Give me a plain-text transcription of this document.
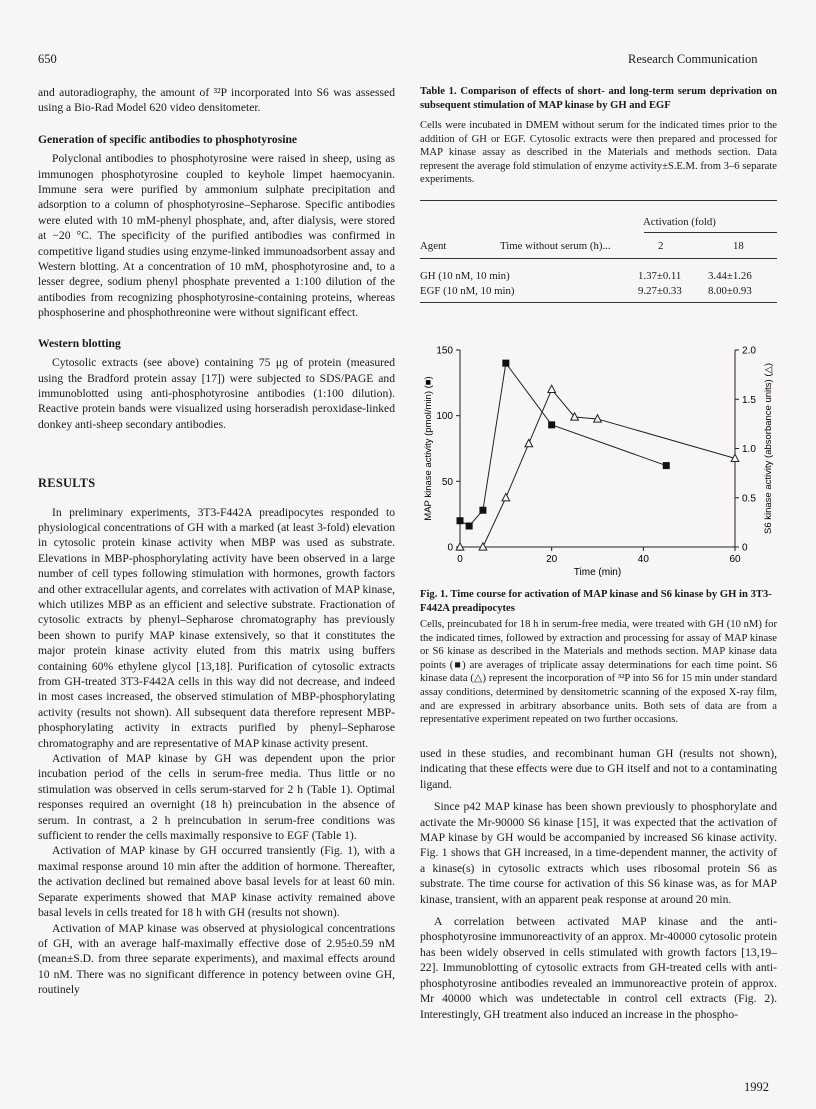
650	Research Communication

and autoradiography, the amount of ³²P incorporated into S6 was assessed using a Bio-Rad Model 620 video densitometer.

Generation of specific antibodies to phosphotyrosine

Polyclonal antibodies to phosphotyrosine were raised in sheep, using as immunogen phosphotyrosine coupled to keyhole limpet haemocyanin. Immune sera were purified by ammonium sulphate precipitation and adsorption to a column of phosphotyrosine–Sepharose. Specific antibodies were eluted with 10 mM-phenyl phosphate, and, after dialysis, were stored at −20 °C. The specificity of the purified antibodies was confirmed in competitive ligand studies using enzyme-linked immunoadsorbent assay and Western blotting. At a concentration of 10 mM, phosphotyrosine and, to a lesser degree, sodium phenyl phosphate prevented a 1:100 dilution of the antibodies from recognizing phosphotyrosine-containing proteins, whereas phosphoserine and phosphothreonine were without significant effect.

Western blotting

Cytosolic extracts (see above) containing 75 μg of protein (measured using the Bradford protein assay [17]) were subjected to SDS/PAGE and immunoblotted using anti-phosphotyrosine antibodies (1:100 dilution). Reactive protein bands were visualized using horseradish peroxidase-linked donkey anti-sheep secondary antibodies.

RESULTS

In preliminary experiments, 3T3-F442A preadipocytes responded to physiological concentrations of GH with a marked (at least 3-fold) elevation in cytosolic protein kinase activity when MBP was used as substrate. Elevations in MBP-phosphorylating activity have been observed in a large number of cell types following stimulation with hormones, growth factors and other extracellular agents, and correlates with activation of MAP kinase, which utilizes MBP as an efficient and selective substrate. Fractionation of cytosolic extracts by phenyl–Sepharose chromatography has previously been shown to purify MAP kinase extensively, so that it constitutes the major protein kinase activity eluted from this matrix using buffers containing 60% ethylene glycol [13,18]. Purification of cytosolic extracts from GH-treated 3T3-F442A cells in this way did not decrease, and indeed in most cases increased, the observed stimulation of MBP-phosphorylating activity (results not shown). All subsequent data therefore represent MBP-phosphorylating activity in extracts purified by phenyl–Sepharose chromatography and are representative of MAP kinase activity present.

Activation of MAP kinase by GH was dependent upon the prior incubation period of the cells in serum-free media. Thus little or no stimulation was observed in cells serum-starved for 2 h (Table 1). Optimal responses required an overnight (18 h) preincubation in the absence of serum. In contrast, a 2 h preincubation in serum-free conditions was sufficient to render the cells maximally responsive to EGF (Table 1).

Activation of MAP kinase by GH occurred transiently (Fig. 1), with a maximal response around 10 min after the addition of hormone. Thereafter, the activation declined but remained above basal levels for at least 60 min. Separate experiments showed that MAP kinase activity remained above basal levels in cells treated for 18 h with GH (results not shown).

Activation of MAP kinase was observed at physiological concentrations of GH, with an average half-maximally effective dose of 2.95±0.59 nM (mean±S.D. from three separate experiments), and maximal effects around 10 nM. There was no significant difference in potency between ovine GH, routinely

Table 1. Comparison of effects of short- and long-term serum deprivation on subsequent stimulation of MAP kinase by GH and EGF
Cells were incubated in DMEM without serum for the indicated times prior to the addition of GH or EGF. Cytosolic extracts were then prepared and processed for MAP kinase assay as described in the Materials and methods section. Data represent the average fold stimulation of enzyme activity±S.E.M. from 3–6 separate experiments.
Activation (fold)
Agent	Time without serum (h)...	2	18
GH (10 nM, 10 min)	1.37±0.11	3.44±1.26
EGF (10 nM, 10 min)	9.27±0.33	8.00±0.93
0	20	40	60
0
50
100
150
0
0.5
1.0
1.5
2.0
Time (min)
MAP kinase activity (pmol/min) (■)	S6 kinase activity (absorbance units) (△)
Fig. 1. Time course for activation of MAP kinase and S6 kinase by GH in 3T3-F442A preadipocytes
Cells, preincubated for 18 h in serum-free media, were treated with GH (10 nM) for the indicated times, followed by extraction and processing for assay of MAP kinase or S6 kinase as described in the Materials and methods section. MAP kinase data points (■) are averages of triplicate assay determinations for each time point. S6 kinase data (△) represent the incorporation of ³²P into S6 for 15 min under standard assay conditions, determined by densitometric scanning of the exposed X-ray film, and are expressed in arbitrary absorbance units. Both sets of data are from a representative experiment repeated on two further occasions.

used in these studies, and recombinant human GH (results not shown), indicating that these effects were due to GH itself and not to a contaminating ligand.

Since p42 MAP kinase has been shown previously to phosphorylate and activate the Mr-90000 S6 kinase [15], it was expected that the activation of MAP kinase by GH would be accompanied by increased S6 kinase activity. Fig. 1 shows that GH increased, in a time-dependent manner, the activity of a kinase(s) in cytosolic extracts which uses ribosomal protein S6 as substrate. The time course for activation of this S6 kinase was, as for MAP kinase, transient, with an apparent peak response at around 20 min.

A correlation between activated MAP kinase and the anti-phosphotyrosine immunoreactivity of an approx. Mr-40000 cytosolic protein has been widely observed in cells stimulated with growth factors [13,19–22]. Immunoblotting of cytosolic extracts from GH-treated cells with anti-phosphotyrosine antibodies revealed an immunoreactive protein of approx. Mr 40000 which was undetectable in control cell extracts (Fig. 2). Interestingly, GH treatment also induced an increase in the phospho-

1992
